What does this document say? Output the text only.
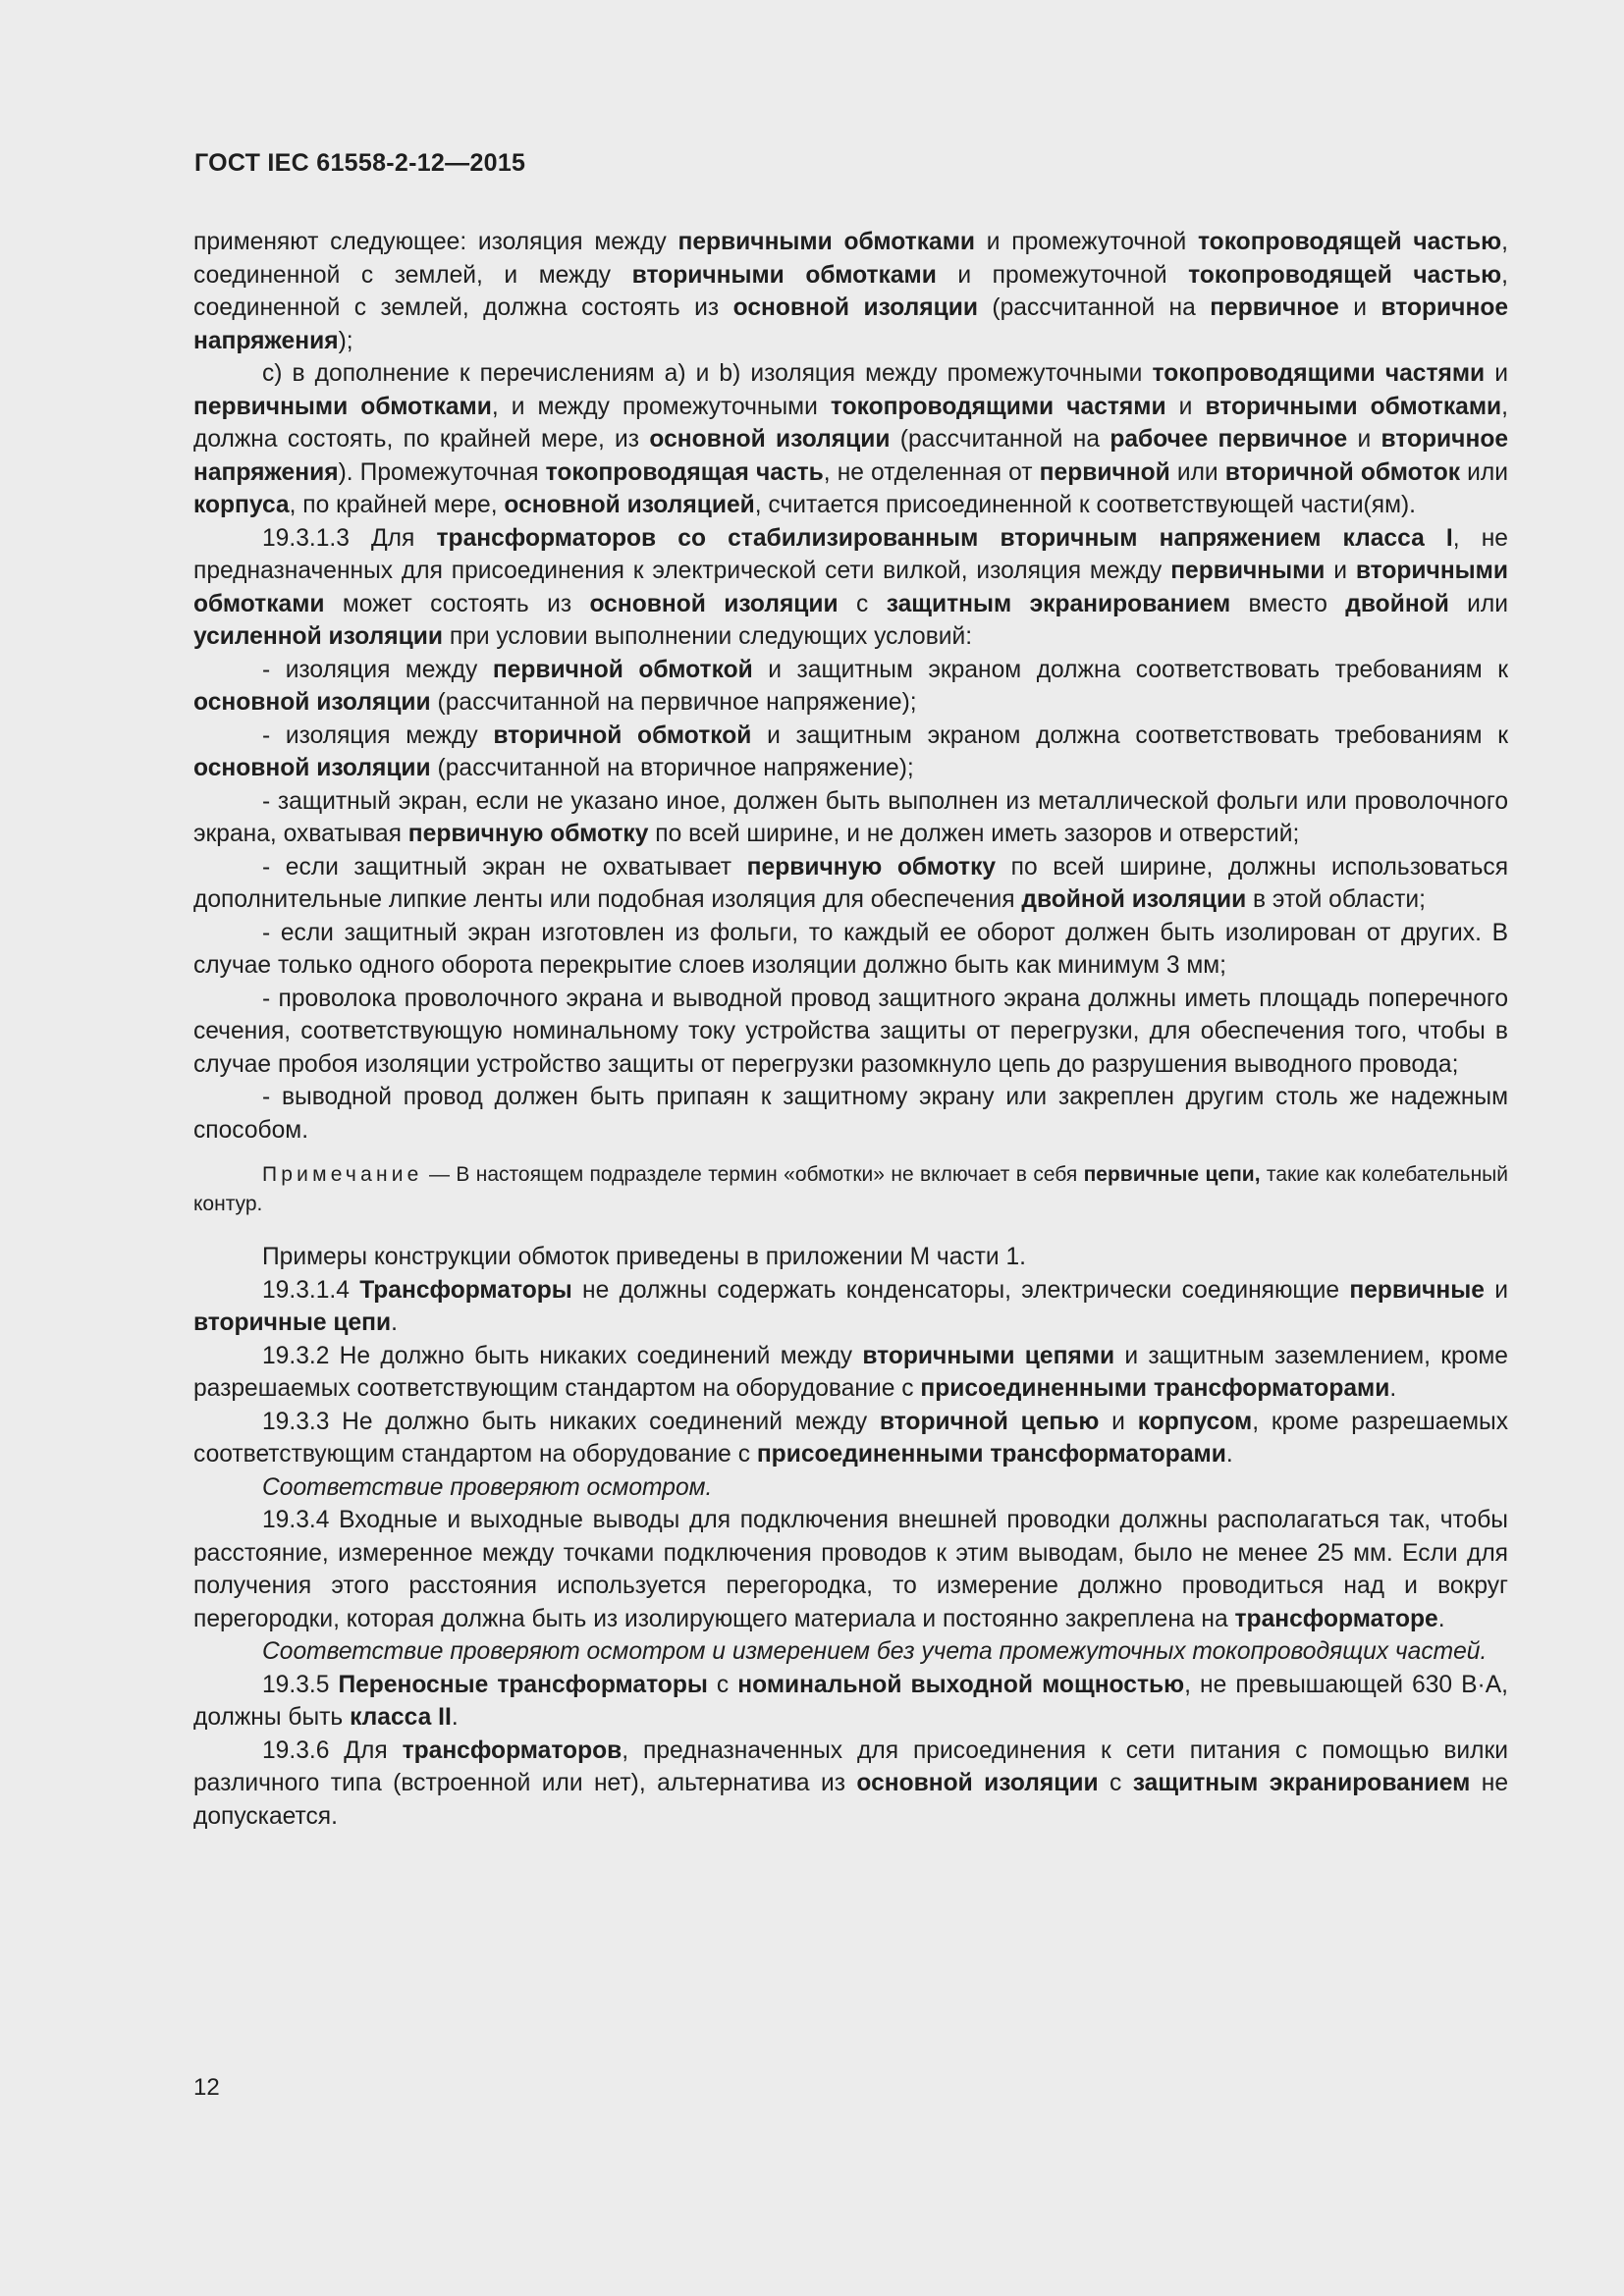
ГОСТ IEC 61558-2-12—2015

применяют следующее: изоляция между первичными обмотками и промежуточной токопроводящей частью, соединенной с землей, и между вторичными обмотками и промежуточной токопроводящей частью, соединенной с землей, должна состоять из основной изоляции (рассчитанной на первичное и вторичное напряжения);

c) в дополнение к перечислениям a) и b) изоляция между промежуточными токопроводящими частями и первичными обмотками, и между промежуточными токопроводящими частями и вторичными обмотками, должна состоять, по крайней мере, из основной изоляции (рассчитанной на рабочее первичное и вторичное напряжения). Промежуточная токопроводящая часть, не отделенная от первичной или вторичной обмоток или корпуса, по крайней мере, основной изоляцией, считается присоединенной к соответствующей части(ям).

19.3.1.3 Для трансформаторов со стабилизированным вторичным напряжением класса I, не предназначенных для присоединения к электрической сети вилкой, изоляция между первичными и вторичными обмотками может состоять из основной изоляции с защитным экранированием вместо двойной или усиленной изоляции при условии выполнении следующих условий:

- изоляция между первичной обмоткой и защитным экраном должна соответствовать требованиям к основной изоляции (рассчитанной на первичное напряжение);

- изоляция между вторичной обмоткой и защитным экраном должна соответствовать требованиям к основной изоляции (рассчитанной на вторичное напряжение);

- защитный экран, если не указано иное, должен быть выполнен из металлической фольги или проволочного экрана, охватывая первичную обмотку по всей ширине, и не должен иметь зазоров и отверстий;

- если защитный экран не охватывает первичную обмотку по всей ширине, должны использоваться дополнительные липкие ленты или подобная изоляция для обеспечения двойной изоляции в этой области;

- если защитный экран изготовлен из фольги, то каждый ее оборот должен быть изолирован от других. В случае только одного оборота перекрытие слоев изоляции должно быть как минимум 3 мм;

- проволока проволочного экрана и выводной провод защитного экрана должны иметь площадь поперечного сечения, соответствующую номинальному току устройства защиты от перегрузки, для обеспечения того, чтобы в случае пробоя изоляции устройство защиты от перегрузки разомкнуло цепь до разрушения выводного провода;

- выводной провод должен быть припаян к защитному экрану или закреплен другим столь же надежным способом.

Примечание — В настоящем подразделе термин «обмотки» не включает в себя первичные цепи, такие как колебательный контур.

Примеры конструкции обмоток приведены в приложении M части 1.

19.3.1.4 Трансформаторы не должны содержать конденсаторы, электрически соединяющие первичные и вторичные цепи.

19.3.2 Не должно быть никаких соединений между вторичными цепями и защитным заземлением, кроме разрешаемых соответствующим стандартом на оборудование с присоединенными трансформаторами.

19.3.3 Не должно быть никаких соединений между вторичной цепью и корпусом, кроме разрешаемых соответствующим стандартом на оборудование с присоединенными трансформаторами.

Соответствие проверяют осмотром.

19.3.4 Входные и выходные выводы для подключения внешней проводки должны располагаться так, чтобы расстояние, измеренное между точками подключения проводов к этим выводам, было не менее 25 мм. Если для получения этого расстояния используется перегородка, то измерение должно проводиться над и вокруг перегородки, которая должна быть из изолирующего материала и постоянно закреплена на трансформаторе.

Соответствие проверяют осмотром и измерением без учета промежуточных токопроводящих частей.

19.3.5 Переносные трансформаторы с номинальной выходной мощностью, не превышающей 630 В·А, должны быть класса II.

19.3.6 Для трансформаторов, предназначенных для присоединения к сети питания с помощью вилки различного типа (встроенной или нет), альтернатива из основной изоляции с защитным экранированием не допускается.

12
